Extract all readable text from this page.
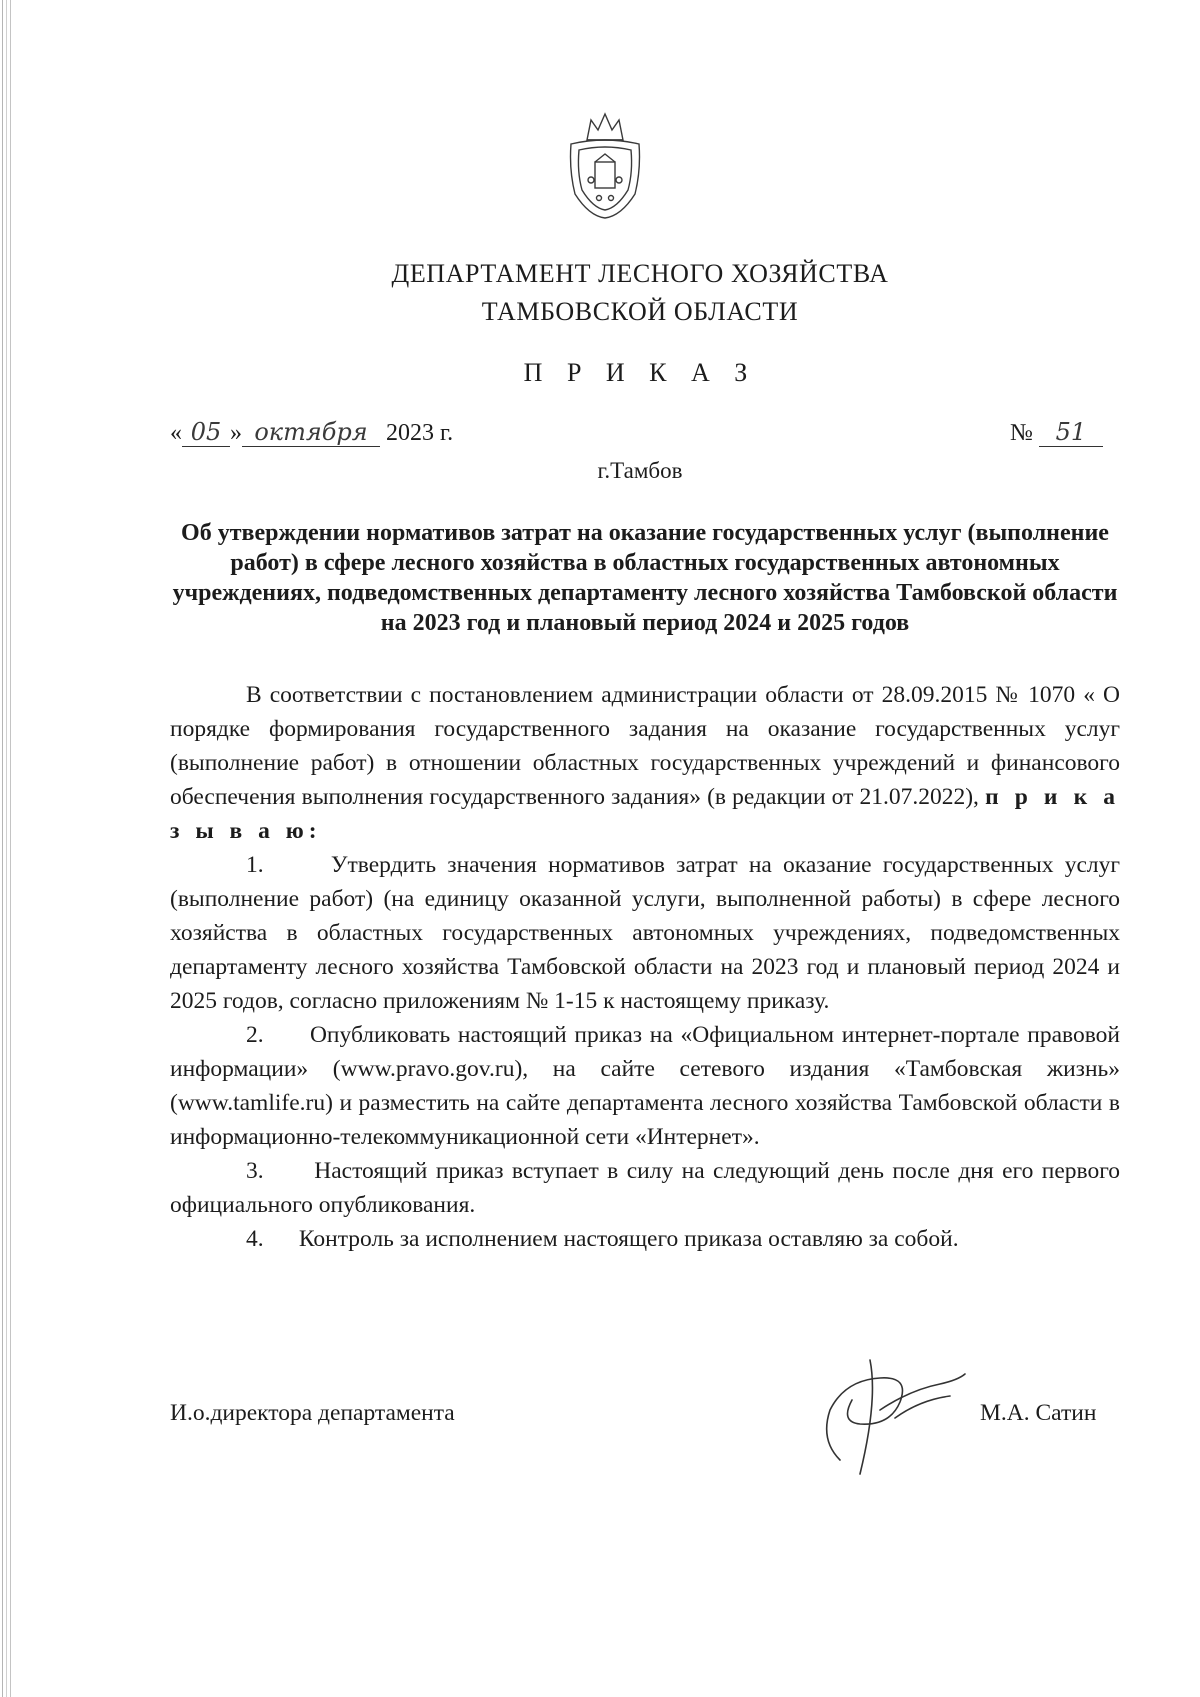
ДЕПАРТАМЕНТ ЛЕСНОГО ХОЗЯЙСТВА
ТАМБОВСКОЙ ОБЛАСТИ
П Р И К А З
« 05 » октября 2023 г.	№ 51
г.Тамбов
Об утверждении нормативов затрат на оказание государственных услуг (выполнение работ) в сфере лесного хозяйства в областных государственных автономных учреждениях, подведомственных департаменту лесного хозяйства Тамбовской области на 2023 год и плановый период 2024 и 2025 годов

В соответствии с постановлением администрации области от 28.09.2015 № 1070 « О порядке формирования государственного задания на оказание государственных услуг (выполнение работ) в отношении областных государственных учреждений и финансового обеспечения выполнения государственного задания» (в редакции от 21.07.2022), п р и к а з ы в а ю:

1.	Утвердить значения нормативов затрат на оказание государственных услуг (выполнение работ) (на единицу оказанной услуги, выполненной работы) в сфере лесного хозяйства в областных государственных автономных учреждениях, подведомственных департаменту лесного хозяйства Тамбовской области на 2023 год и плановый период 2024 и 2025 годов, согласно приложениям № 1-15 к настоящему приказу.

2. Опубликовать настоящий приказ на «Официальном интернет-портале правовой информации» (www.pravo.gov.ru), на сайте сетевого издания «Тамбовская жизнь» (www.tamlife.ru) и разместить на сайте департамента лесного хозяйства Тамбовской области в информационно-телекоммуникационной сети «Интернет».

3. Настоящий приказ вступает в силу на следующий день после дня его первого официального опубликования.

4. Контроль за исполнением настоящего приказа оставляю за собой.

И.о.директора департамента	М.А. Сатин
